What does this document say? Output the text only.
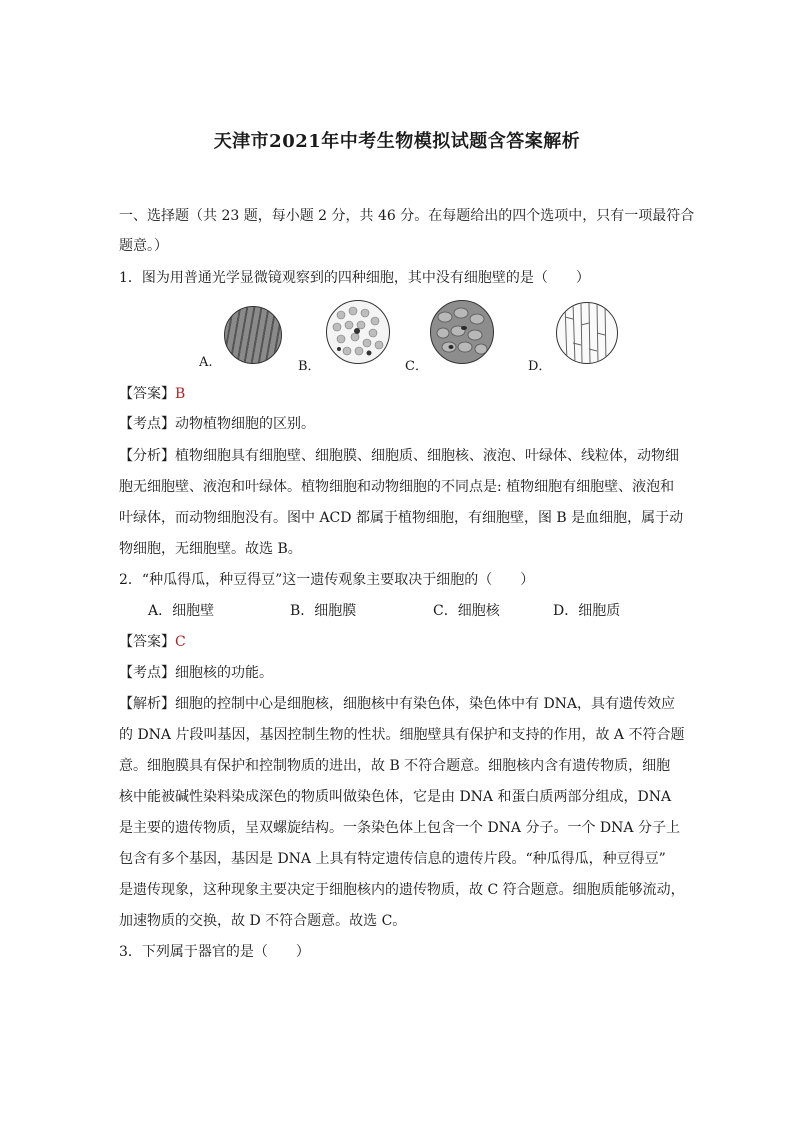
天津市2021年中考生物模拟试题含答案解析
一、选择题（共 23 题，每小题 2 分，共 46 分。在每题给出的四个选项中，只有一项最符合
题意。）
1．图为用普通光学显微镜观察到的四种细胞，其中没有细胞壁的是（　　）
A.	B．	C．	D．
【答案】B
【考点】动物植物细胞的区别。
【分析】植物细胞具有细胞壁、细胞膜、细胞质、细胞核、液泡、叶绿体、线粒体，动物细
胞无细胞壁、液泡和叶绿体。植物细胞和动物细胞的不同点是: 植物细胞有细胞壁、液泡和
叶绿体，而动物细胞没有。图中 ACD 都属于植物细胞，有细胞壁，图 B 是血细胞，属于动
物细胞，无细胞壁。故选 B。
2．“种瓜得瓜，种豆得豆”这一遗传观象主要取决于细胞的（　　）
A．细胞壁	B．细胞膜	C．细胞核	D．细胞质
【答案】C
【考点】细胞核的功能。
【解析】细胞的控制中心是细胞核，细胞核中有染色体，染色体中有 DNA，具有遗传效应
的 DNA 片段叫基因，基因控制生物的性状。细胞壁具有保护和支持的作用，故 A 不符合题
意。细胞膜具有保护和控制物质的进出，故 B 不符合题意。细胞核内含有遗传物质，细胞
核中能被碱性染料染成深色的物质叫做染色体，它是由 DNA 和蛋白质两部分组成，DNA
是主要的遗传物质，呈双螺旋结构。一条染色体上包含一个 DNA 分子。一个 DNA 分子上
包含有多个基因，基因是 DNA 上具有特定遗传信息的遗传片段。“种瓜得瓜，种豆得豆”
是遗传现象，这种现象主要决定于细胞核内的遗传物质，故 C 符合题意。细胞质能够流动，
加速物质的交换，故 D 不符合题意。故选 C。
3．下列属于器官的是（　　）
